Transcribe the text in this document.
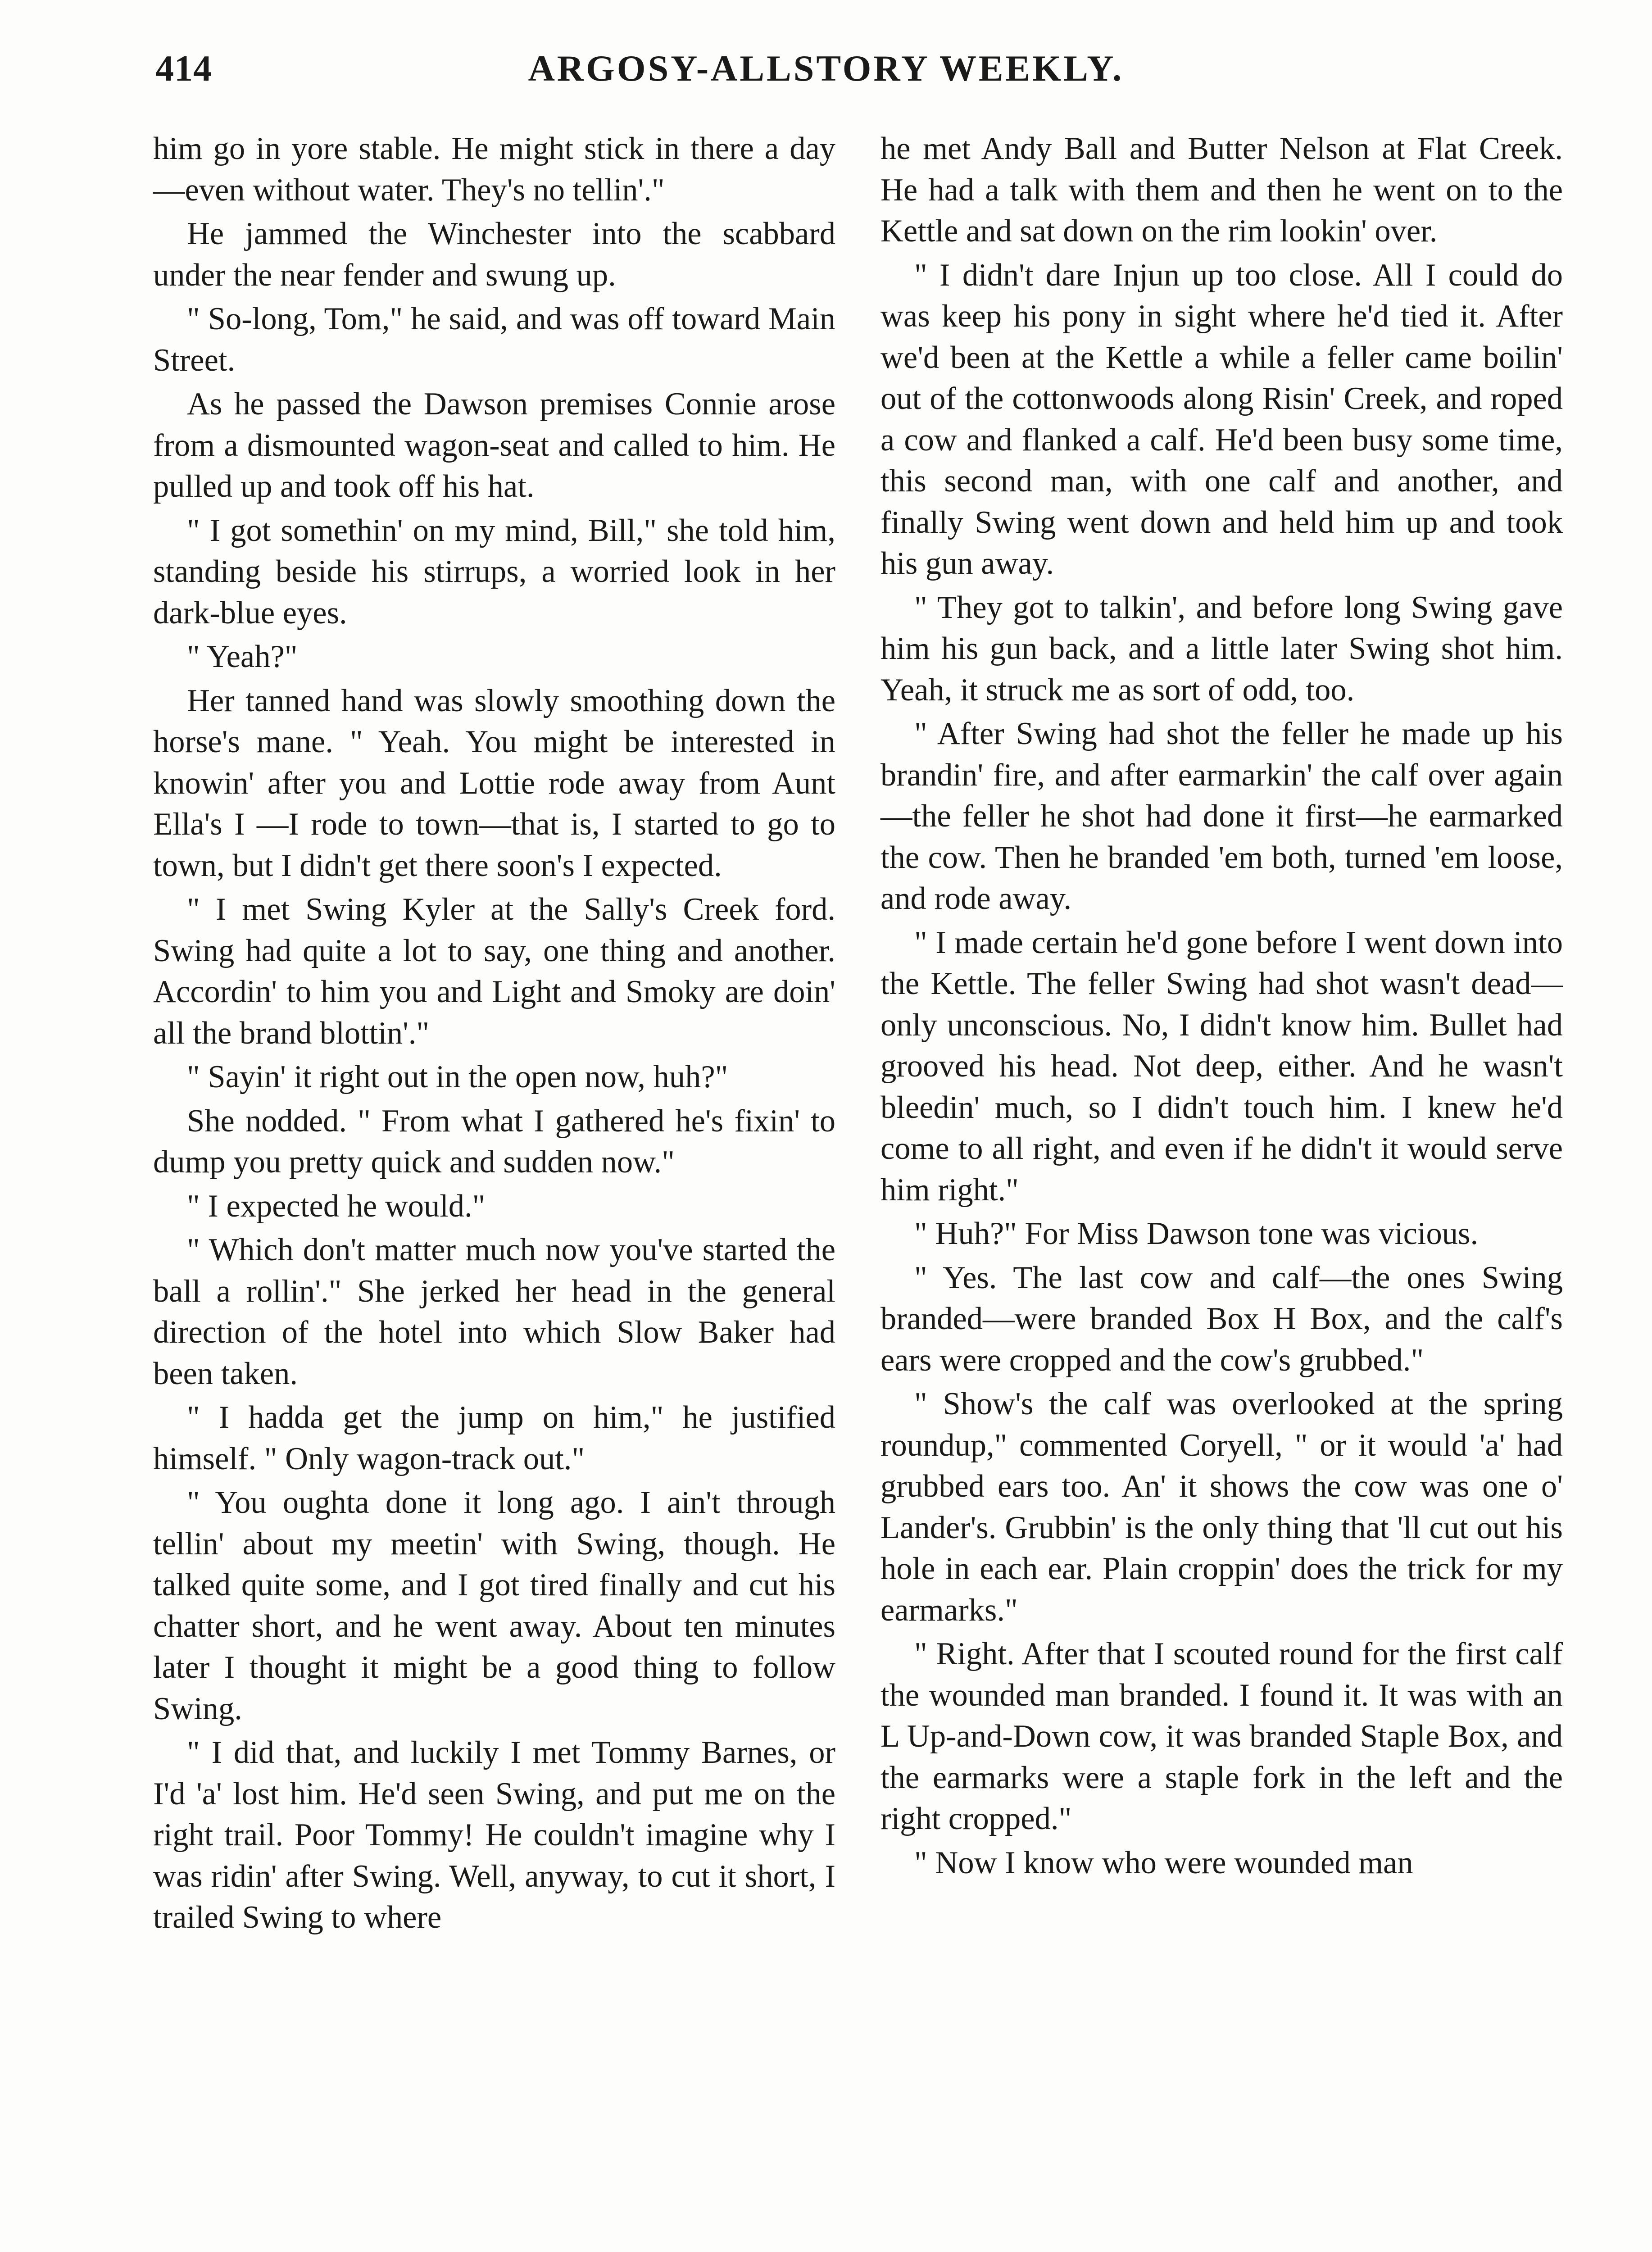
414	ARGOSY-ALLSTORY WEEKLY.

him go in yore stable. He might stick in there a day—even without water. They's no tellin'."

He jammed the Winchester into the scabbard under the near fender and swung up.

" So-long, Tom," he said, and was off toward Main Street.

As he passed the Dawson premises Connie arose from a dismounted wagon-seat and called to him. He pulled up and took off his hat.

" I got somethin' on my mind, Bill," she told him, standing beside his stirrups, a worried look in her dark-blue eyes.

" Yeah?"

Her tanned hand was slowly smoothing down the horse's mane. " Yeah. You might be interested in knowin' after you and Lottie rode away from Aunt Ella's I —I rode to town—that is, I started to go to town, but I didn't get there soon's I expected.

" I met Swing Kyler at the Sally's Creek ford. Swing had quite a lot to say, one thing and another. Accordin' to him you and Light and Smoky are doin' all the brand blottin'."

" Sayin' it right out in the open now, huh?"

She nodded. " From what I gathered he's fixin' to dump you pretty quick and sudden now."

" I expected he would."

" Which don't matter much now you've started the ball a rollin'." She jerked her head in the general direction of the hotel into which Slow Baker had been taken.

" I hadda get the jump on him," he justified himself. " Only wagon-track out."

" You oughta done it long ago. I ain't through tellin' about my meetin' with Swing, though. He talked quite some, and I got tired finally and cut his chatter short, and he went away. About ten minutes later I thought it might be a good thing to follow Swing.

" I did that, and luckily I met Tommy Barnes, or I'd 'a' lost him. He'd seen Swing, and put me on the right trail. Poor Tommy! He couldn't imagine why I was ridin' after Swing. Well, anyway, to cut it short, I trailed Swing to where

he met Andy Ball and Butter Nelson at Flat Creek. He had a talk with them and then he went on to the Kettle and sat down on the rim lookin' over.

" I didn't dare Injun up too close. All I could do was keep his pony in sight where he'd tied it. After we'd been at the Kettle a while a feller came boilin' out of the cottonwoods along Risin' Creek, and roped a cow and flanked a calf. He'd been busy some time, this second man, with one calf and another, and finally Swing went down and held him up and took his gun away.

" They got to talkin', and before long Swing gave him his gun back, and a little later Swing shot him. Yeah, it struck me as sort of odd, too.

" After Swing had shot the feller he made up his brandin' fire, and after earmarkin' the calf over again—the feller he shot had done it first—he earmarked the cow. Then he branded 'em both, turned 'em loose, and rode away.

" I made certain he'd gone before I went down into the Kettle. The feller Swing had shot wasn't dead—only unconscious. No, I didn't know him. Bullet had grooved his head. Not deep, either. And he wasn't bleedin' much, so I didn't touch him. I knew he'd come to all right, and even if he didn't it would serve him right."

" Huh?" For Miss Dawson tone was vicious.

" Yes. The last cow and calf—the ones Swing branded—were branded Box H Box, and the calf's ears were cropped and the cow's grubbed."

" Show's the calf was overlooked at the spring roundup," commented Coryell, " or it would 'a' had grubbed ears too. An' it shows the cow was one o' Lander's. Grubbin' is the only thing that 'll cut out his hole in each ear. Plain croppin' does the trick for my earmarks."

" Right. After that I scouted round for the first calf the wounded man branded. I found it. It was with an L Up-and-Down cow, it was branded Staple Box, and the earmarks were a staple fork in the left and the right cropped."

" Now I know who were wounded man
